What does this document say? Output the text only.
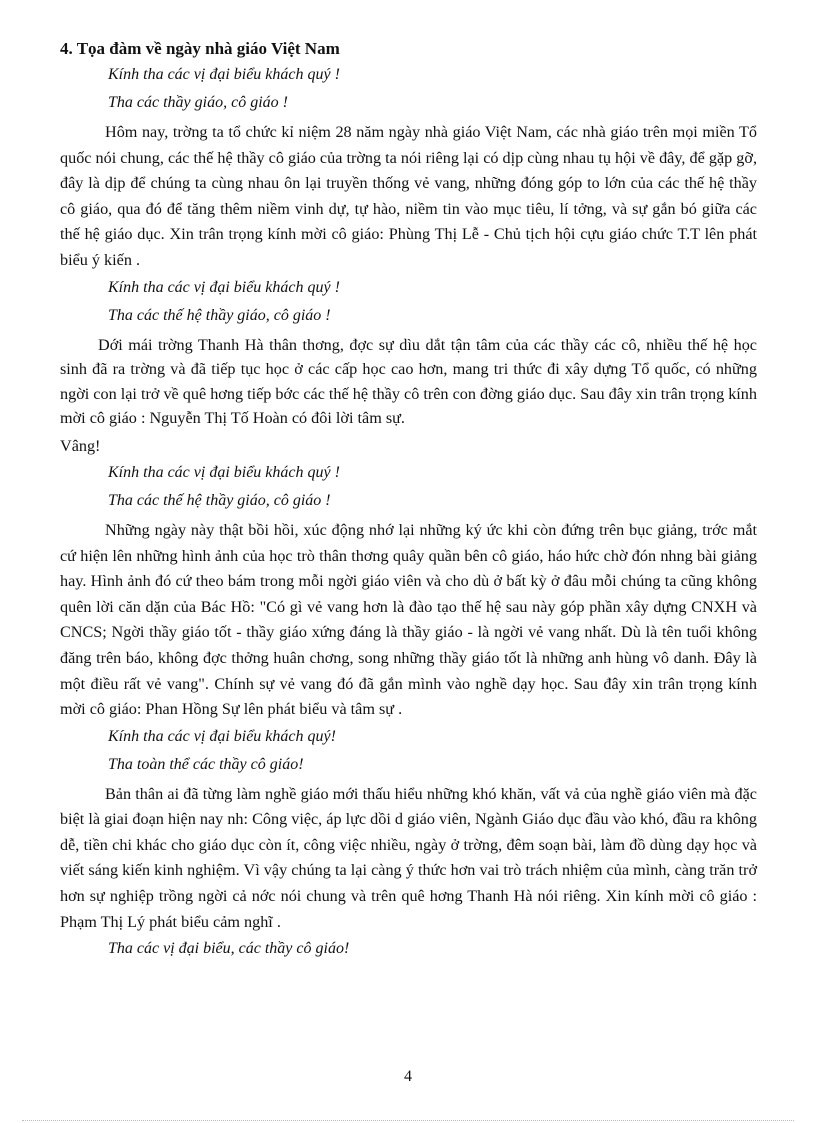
4. Tọa đàm về ngày nhà giáo Việt Nam

Kính tha các vị đại biểu khách quý !

Tha các thầy giáo, cô giáo !

Hôm nay, trờng ta tổ chức kỉ niệm 28 năm ngày nhà giáo Việt Nam, các nhà giáo trên mọi miền Tổ quốc nói chung, các thế hệ thầy cô giáo của trờng ta nói riêng lại có dịp cùng nhau tụ hội về đây, để gặp gỡ, đây là dịp để chúng ta cùng nhau ôn lại truyền thống vẻ vang, những đóng góp to lớn của các thế hệ thầy cô giáo, qua đó để tăng thêm niềm vinh dự, tự hào, niềm tin vào mục tiêu, lí tởng, và sự gắn bó giữa các thế hệ giáo dục. Xin trân trọng kính mời cô giáo: Phùng Thị Lễ - Chủ tịch hội cựu giáo chức T.T lên phát biểu ý kiến .

Kính tha các vị đại biểu khách quý !

Tha các thế hệ thầy giáo, cô giáo !

Dới mái trờng Thanh Hà thân thơng, đợc sự dìu dắt tận tâm của các thầy các cô, nhiều thế hệ học sinh đã ra trờng và đã tiếp tục học ở các cấp học cao hơn, mang tri thức đi xây dựng Tổ quốc, có những ngời con lại trở về quê hơng tiếp bớc các thế hệ thầy cô trên con đờng giáo dục. Sau đây xin trân trọng kính mời cô giáo : Nguyễn Thị Tố Hoàn có đôi lời tâm sự.

Vâng!

Kính tha các vị đại biểu khách quý !

Tha các thế hệ thầy giáo, cô giáo !

Những ngày này thật bồi hồi, xúc động nhớ lại những ký ức khi còn đứng trên bục giảng, trớc mắt cứ hiện lên những hình ảnh của học trò thân thơng quây quần bên cô giáo, háo hức chờ đón nhng bài giảng hay. Hình ảnh đó cứ theo bám trong mỗi ngời giáo viên và cho dù ở bất kỳ ở đâu mỗi chúng ta cũng không quên lời căn dặn của Bác Hồ: "Có gì vẻ vang hơn là đào tạo thế hệ sau này góp phần xây dựng CNXH và CNCS; Ngời thầy giáo tốt - thầy giáo xứng đáng là thầy giáo - là ngời vẻ vang nhất. Dù là tên tuổi không đăng trên báo, không đợc thởng huân chơng, song những thầy giáo tốt là những anh hùng vô danh. Đây là một điều rất vẻ vang". Chính sự vẻ vang đó đã gắn mình vào nghề dạy học. Sau đây xin trân trọng kính mời cô giáo: Phan Hồng Sự lên phát biểu và tâm sự .

Kính tha các vị đại biểu khách quý!

Tha toàn thể các thầy cô giáo!

Bản thân ai đã từng làm nghề giáo mới thấu hiểu những khó khăn, vất vả của nghề giáo viên mà đặc biệt là giai đoạn hiện nay nh: Công việc, áp lực dồi d giáo viên, Ngành Giáo dục đầu vào khó, đầu ra không dễ, tiền chi khác cho giáo dục còn ít, công việc nhiều, ngày ở trờng, đêm soạn bài, làm đồ dùng dạy học và viết sáng kiến kinh nghiệm. Vì vậy chúng ta lại càng ý thức hơn vai trò trách nhiệm của mình, càng trăn trở hơn sự nghiệp trồng ngời cả nớc nói chung và trên quê hơng Thanh Hà nói riêng. Xin kính mời cô giáo : Phạm Thị Lý phát biểu cảm nghĩ .

Tha các vị đại biểu, các thầy cô giáo!

4
